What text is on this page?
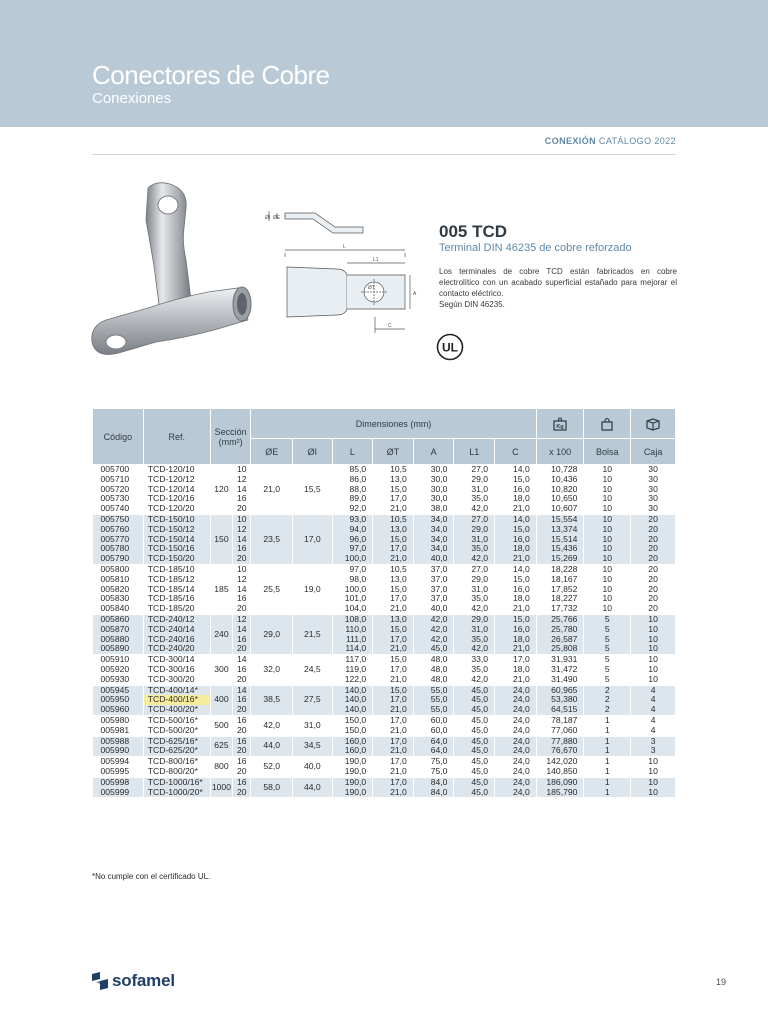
Conectores de Cobre
Conexiones
CONEXIÓN CATÁLOGO 2022
ØI ØE
L
L1
ØT
A
C
005 TCD
Terminal DIN 46235 de cobre reforzado

Los terminales de cobre TCD están fabricados en cobre electrolítico con un acabado superficial estañado para mejorar el contacto eléctrico.

Según DIN 46235.

UL
Código	Ref.	Sección (mm²)		Dimensiones (mm)							Kg

				ØE	ØI	L	ØT	A	L1	C	x 100	Bolsa	Caja
005700	TCD-120/10	120	10	21,0	15,5	85,0	10,5	30,0	27,0	14,0	10,728	10	30
005710	TCD-120/12		12			86,0	13,0	30,0	29,0	15,0	10,436	10	30
005720	TCD-120/14		14			88,0	15,0	30,0	31,0	16,0	10,820	10	30
005730	TCD-120/16		16			89,0	17,0	30,0	35,0	18,0	10,650	10	30
005740	TCD-120/20		20			92,0	21,0	38,0	42,0	21,0	10,607	10	30
005750	TCD-150/10	150	10	23,5	17,0	93,0	10,5	34,0	27,0	14,0	15,554	10	20
005760	TCD-150/12		12			94,0	13,0	34,0	29,0	15,0	13,374	10	20
005770	TCD-150/14		14			96,0	15,0	34,0	31,0	16,0	15,514	10	20
005780	TCD-150/16		16			97,0	17,0	34,0	35,0	18,0	15,436	10	20
005790	TCD-150/20		20			100,0	21,0	40,0	42,0	21,0	15,269	10	20
005800	TCD-185/10	185	10	25,5	19,0	97,0	10,5	37,0	27,0	14,0	18,228	10	20
005810	TCD-185/12		12			98,0	13,0	37,0	29,0	15,0	18,167	10	20
005820	TCD-185/14		14			100,0	15,0	37,0	31,0	16,0	17,852	10	20
005830	TCD-185/16		16			101,0	17,0	37,0	35,0	18,0	18,227	10	20
005840	TCD-185/20		20			104,0	21,0	40,0	42,0	21,0	17,732	10	20
005860	TCD-240/12	240	12	29,0	21,5	108,0	13,0	42,0	29,0	15,0	25,766	5	10
005870	TCD-240/14		14			110,0	15,0	42,0	31,0	16,0	25,780	5	10
005880	TCD-240/16		16			111,0	17,0	42,0	35,0	18,0	26,587	5	10
005890	TCD-240/20		20			114,0	21,0	45,0	42,0	21,0	25,808	5	10
005910	TCD-300/14	300	14	32,0	24,5	117,0	15,0	48,0	33,0	17,0	31,931	5	10
005920	TCD-300/16		16			119,0	17,0	48,0	35,0	18,0	31,472	5	10
005930	TCD-300/20		20			122,0	21,0	48,0	42,0	21,0	31,490	5	10
005945	TCD-400/14*	400	14	38,5	27,5	140,0	15,0	55,0	45,0	24,0	60,965	2	4
005950	TCD-400/16*		16			140,0	17,0	55,0	45,0	24,0	53,380	2	4
005960	TCD-400/20*		20			140,0	21,0	55,0	45,0	24,0	64,515	2	4
005980	TCD-500/16*	500	16	42,0	31,0	150,0	17,0	60,0	45,0	24,0	78,187	1	4
005981	TCD-500/20*		20			150,0	21,0	60,0	45,0	24,0	77,060	1	4
005988	TCD-625/16*	625	16	44,0	34,5	160,0	17,0	64,0	45,0	24,0	77,880	1	3
005990	TCD-625/20*		20			160,0	21,0	64,0	45,0	24,0	76,670	1	3
005994	TCD-800/16*	800	16	52,0	40,0	190,0	17,0	75,0	45,0	24,0	142,020	1	10
005995	TCD-800/20*		20			190,0	21,0	75,0	45,0	24,0	140,850	1	10
005998	TCD-1000/16*	1000	16	58,0	44,0	190,0	17,0	84,0	45,0	24,0	186,090	1	10
005999	TCD-1000/20*		20			190,0	21,0	84,0	45,0	24,0	185,790	1	10
*No cumple con el certificado UL.
sofamel	19
